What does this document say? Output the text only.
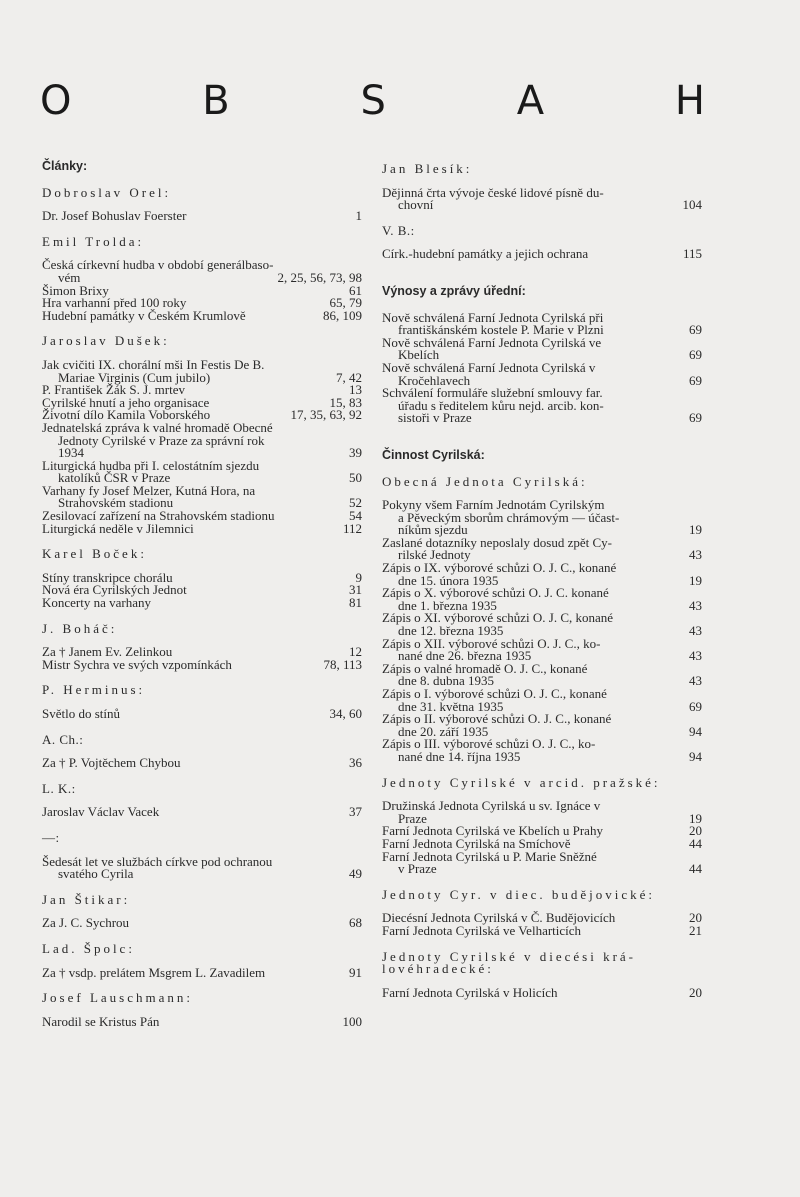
O	B	S	A	H
Články:
Dobroslav Orel:
Dr. Josef Bohuslav Foerster	1
Emil Trolda:
Česká církevní hudba v období generálbaso-
vém	2, 25, 56, 73, 98
Šimon Brixy	61
Hra varhanní před 100 roky	65, 79
Hudební památky v Českém Krumlově	86, 109
Jaroslav Dušek:
Jak cvičiti IX. chorální mši In Festis De B.
Mariae Virginis (Cum jubilo)	7, 42
P. František Žák S. J. mrtev	13
Cyrilské hnutí a jeho organisace	15, 83
Životní dílo Kamila Voborského	17, 35, 63, 92
Jednatelská zpráva k valné hromadě Obecné
Jednoty Cyrilské v Praze za správní rok
1934	39
Liturgická hudba při I. celostátním sjezdu
katolíků ČSR v Praze	50
Varhany fy Josef Melzer, Kutná Hora, na
Strahovském stadionu	52
Zesilovací zařízení na Strahovském stadionu	54
Liturgická neděle v Jilemnici	112
Karel Boček:
Stíny transkripce chorálu	9
Nová éra Cyrilských Jednot	31
Koncerty na varhany	81
J. Boháč:
Za † Janem Ev. Zelinkou	12
Mistr Sychra ve svých vzpomínkách	78, 113
P. Herminus:
Světlo do stínů	34, 60
A. Ch.:
Za † P. Vojtěchem Chybou	36
L. K.:
Jaroslav Václav Vacek	37
—:
Šedesát let ve službách církve pod ochranou
svatého Cyrila	49
Jan Štikar:
Za J. C. Sychrou	68
Lad. Špolc:
Za † vsdp. prelátem Msgrem L. Zavadilem	91
Josef Lauschmann:
Narodil se Kristus Pán	100
Jan Blesík:
Dějinná črta vývoje české lidové písně du-
chovní	104
V. B.:
Círk.-hudební památky a jejich ochrana	115
Výnosy a zprávy úřední:
Nově schválená Farní Jednota Cyrilská při
františkánském kostele P. Marie v Plzni	69
Nově schválená Farní Jednota Cyrilská ve
Kbelích	69
Nově schválená Farní Jednota Cyrilská v
Kročehlavech	69
Schválení formuláře služební smlouvy far.
úřadu s ředitelem kůru nejd. arcib. kon-
sistoři v Praze	69
Činnost Cyrilská:
Obecná Jednota Cyrilská:
Pokyny všem Farním Jednotám Cyrilským
a Pěveckým sborům chrámovým — účast-
níkům sjezdu	19
Zaslané dotazníky neposlaly dosud zpět Cy-
rilské Jednoty	43
Zápis o IX. výborové schůzi O. J. C., konané
dne 15. února 1935	19
Zápis o X. výborové schůzi O. J. C. konané
dne 1. března 1935	43
Zápis o XI. výborové schůzi O. J. C, konané
dne 12. března 1935	43
Zápis o XII. výborové schůzi O. J. C., ko-
nané dne 26. března 1935	43
Zápis o valné hromadě O. J. C., konané
dne 8. dubna 1935	43
Zápis o I. výborové schůzi O. J. C., konané
dne 31. května 1935	69
Zápis o II. výborové schůzi O. J. C., konané
dne 20. září 1935	94
Zápis o III. výborové schůzi O. J. C., ko-
nané dne 14. října 1935	94
Jednoty Cyrilské v arcid. pražské:
Družinská Jednota Cyrilská u sv. Ignáce v
Praze	19
Farní Jednota Cyrilská ve Kbelích u Prahy	20
Farní Jednota Cyrilská na Smíchově	44
Farní Jednota Cyrilská u P. Marie Sněžné
v Praze	44
Jednoty Cyr. v diec. budějovické:
Diecésní Jednota Cyrilská v Č. Budějovicích	20
Farní Jednota Cyrilská ve Velharticích	21
Jednoty Cyrilské v diecési krá-
lovéhradecké:
Farní Jednota Cyrilská v Holicích	20
